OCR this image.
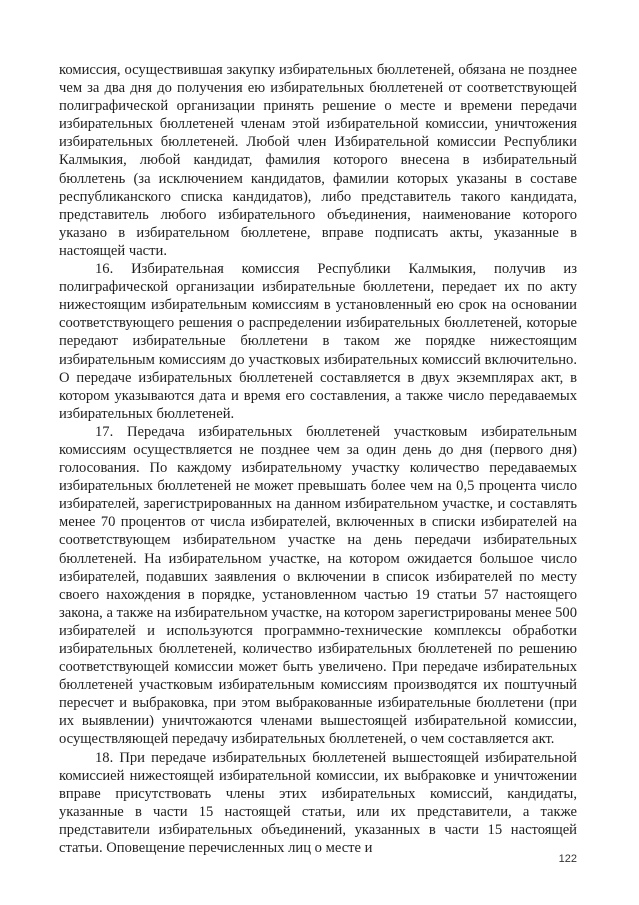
комиссия, осуществившая закупку избирательных бюллетеней, обязана не позднее чем за два дня до получения ею избирательных бюллетеней от соответствующей полиграфической организации принять решение о месте и времени передачи избирательных бюллетеней членам этой избирательной комиссии, уничтожения избирательных бюллетеней. Любой член Избирательной комиссии Республики Калмыкия, любой кандидат, фамилия которого внесена в избирательный бюллетень (за исключением кандидатов, фамилии которых указаны в составе республиканского списка кандидатов), либо представитель такого кандидата, представитель любого избирательного объединения, наименование которого указано в избирательном бюллетене, вправе подписать акты, указанные в настоящей части.

16. Избирательная комиссия Республики Калмыкия, получив из полиграфической организации избирательные бюллетени, передает их по акту нижестоящим избирательным комиссиям в установленный ею срок на основании соответствующего решения о распределении избирательных бюллетеней, которые передают избирательные бюллетени в таком же порядке нижестоящим избирательным комиссиям до участковых избирательных комиссий включительно. О передаче избирательных бюллетеней составляется в двух экземплярах акт, в котором указываются дата и время его составления, а также число передаваемых избирательных бюллетеней.

17. Передача избирательных бюллетеней участковым избирательным комиссиям осуществляется не позднее чем за один день до дня (первого дня) голосования. По каждому избирательному участку количество передаваемых избирательных бюллетеней не может превышать более чем на 0,5 процента число избирателей, зарегистрированных на данном избирательном участке, и составлять менее 70 процентов от числа избирателей, включенных в списки избирателей на соответствующем избирательном участке на день передачи избирательных бюллетеней. На избирательном участке, на котором ожидается большое число избирателей, подавших заявления о включении в список избирателей по месту своего нахождения в порядке, установленном частью 19 статьи 57 настоящего закона, а также на избирательном участке, на котором зарегистрированы менее 500 избирателей и используются программно-технические комплексы обработки избирательных бюллетеней, количество избирательных бюллетеней по решению соответствующей комиссии может быть увеличено. При передаче избирательных бюллетеней участковым избирательным комиссиям производятся их поштучный пересчет и выбраковка, при этом выбракованные избирательные бюллетени (при их выявлении) уничтожаются членами вышестоящей избирательной комиссии, осуществляющей передачу избирательных бюллетеней, о чем составляется акт.

18. При передаче избирательных бюллетеней вышестоящей избирательной комиссией нижестоящей избирательной комиссии, их выбраковке и уничтожении вправе присутствовать члены этих избирательных комиссий, кандидаты, указанные в части 15 настоящей статьи, или их представители, а также представители избирательных объединений, указанных в части 15 настоящей статьи. Оповещение перечисленных лиц о месте и

122
